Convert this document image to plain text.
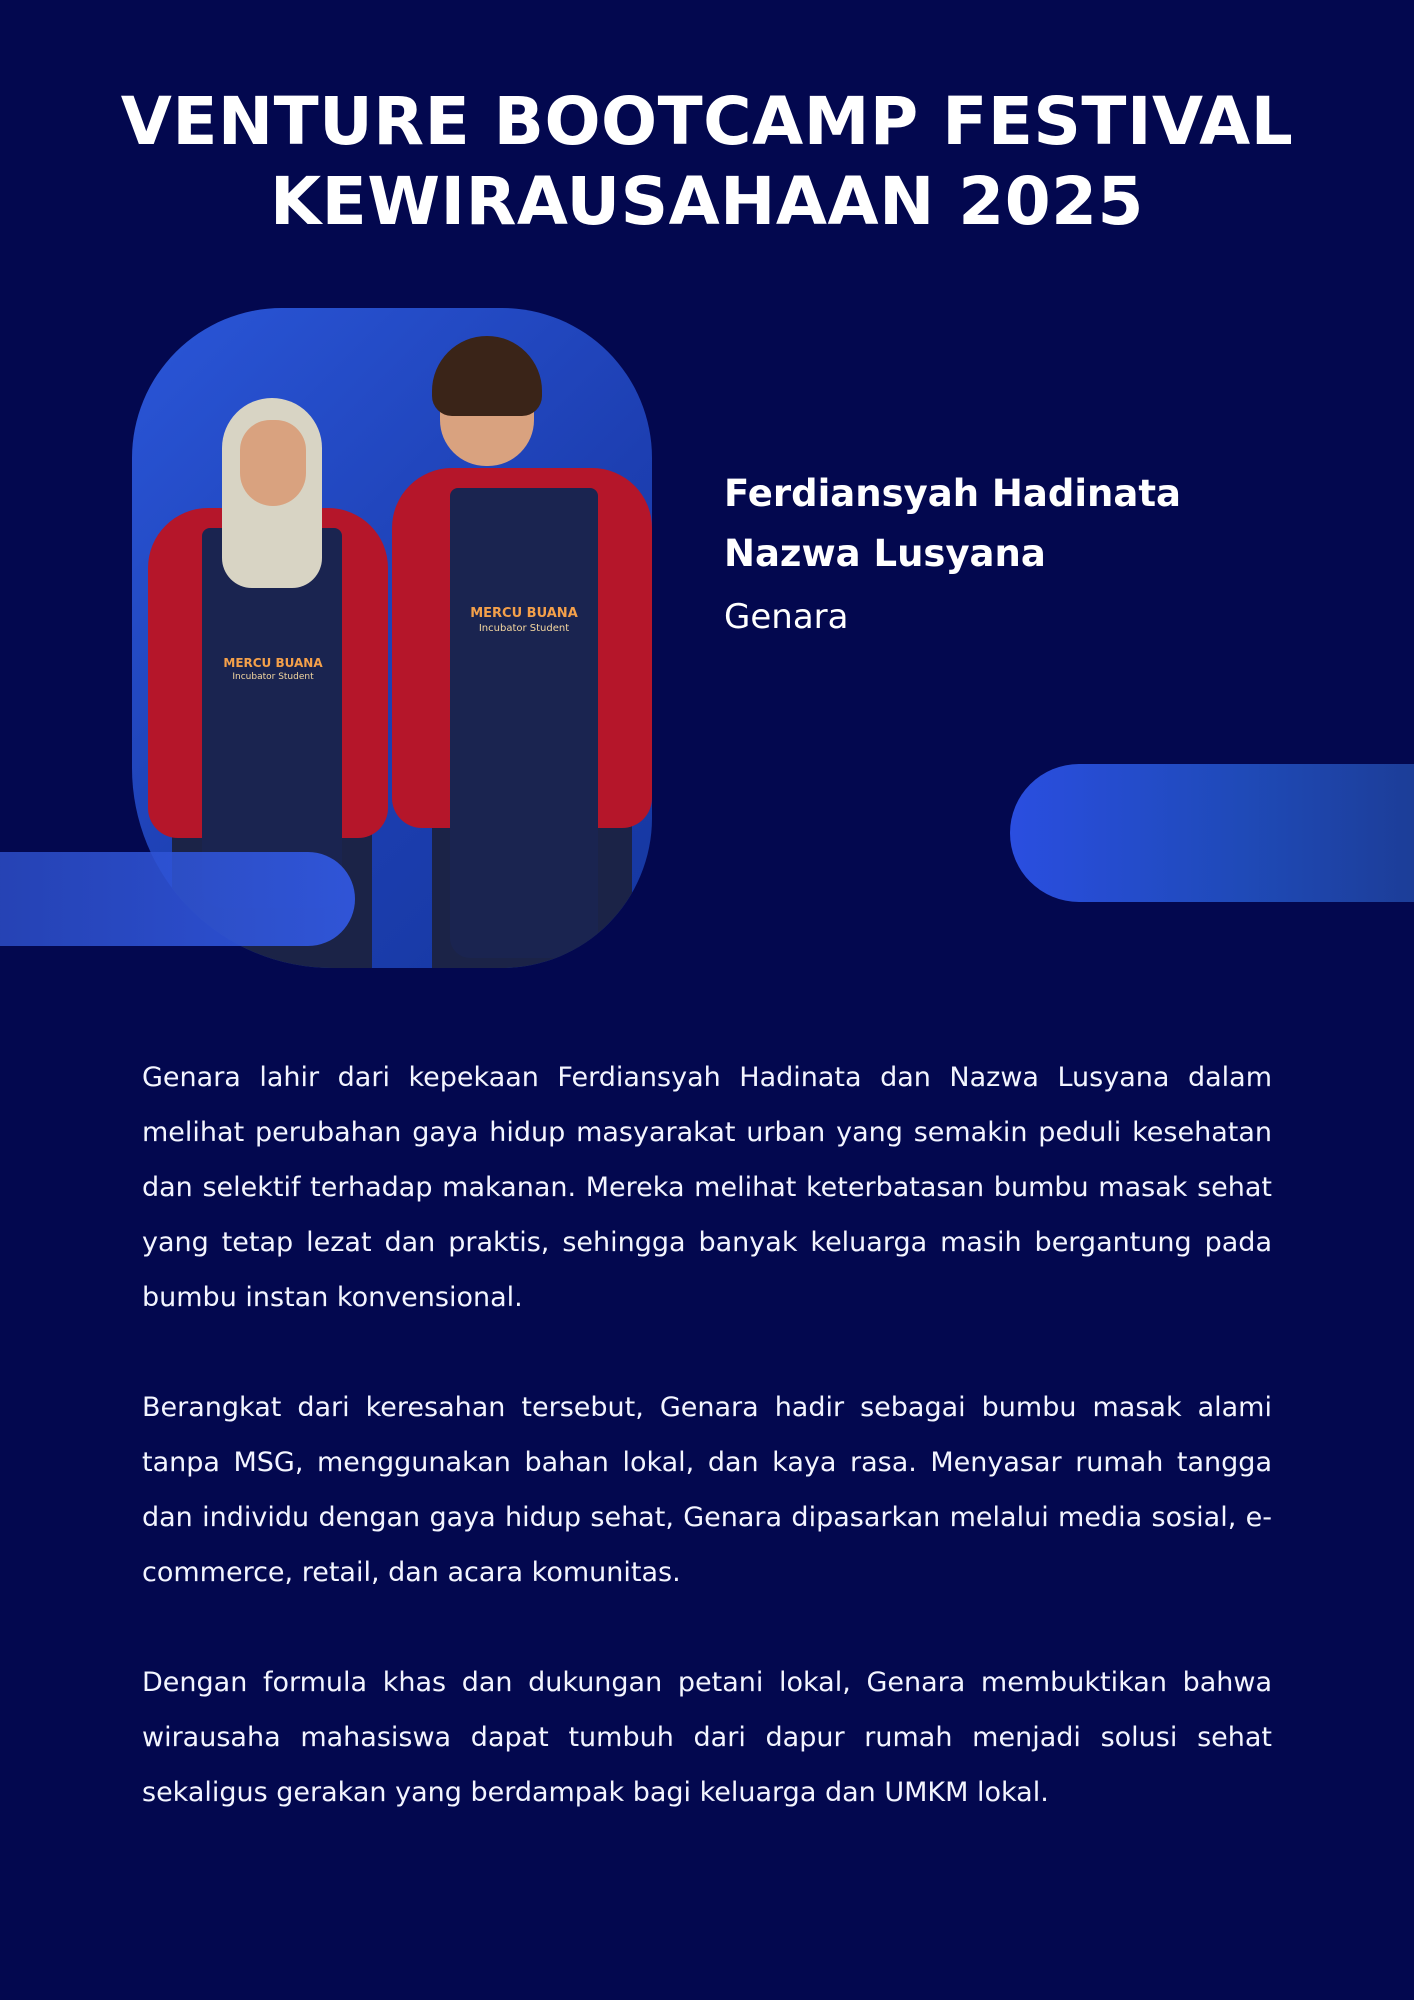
VENTURE BOOTCAMP FESTIVAL
KEWIRAUSAHAAN 2025
MERCU BUANA
Incubator Student
MERCU BUANA
Incubator Student
Ferdiansyah Hadinata
Nazwa Lusyana
Genara

Genara lahir dari kepekaan Ferdiansyah Hadinata dan Nazwa Lusyana dalam melihat perubahan gaya hidup masyarakat urban yang semakin peduli kesehatan dan selektif terhadap makanan. Mereka melihat keterbatasan bumbu masak sehat yang tetap lezat dan praktis, sehingga banyak keluarga masih bergantung pada bumbu instan konvensional.

Berangkat dari keresahan tersebut, Genara hadir sebagai bumbu masak alami tanpa MSG, menggunakan bahan lokal, dan kaya rasa. Menyasar rumah tangga dan individu dengan gaya hidup sehat, Genara dipasarkan melalui media sosial, e-commerce, retail, dan acara komunitas.

Dengan formula khas dan dukungan petani lokal, Genara membuktikan bahwa wirausaha mahasiswa dapat tumbuh dari dapur rumah menjadi solusi sehat sekaligus gerakan yang berdampak bagi keluarga dan UMKM lokal.
